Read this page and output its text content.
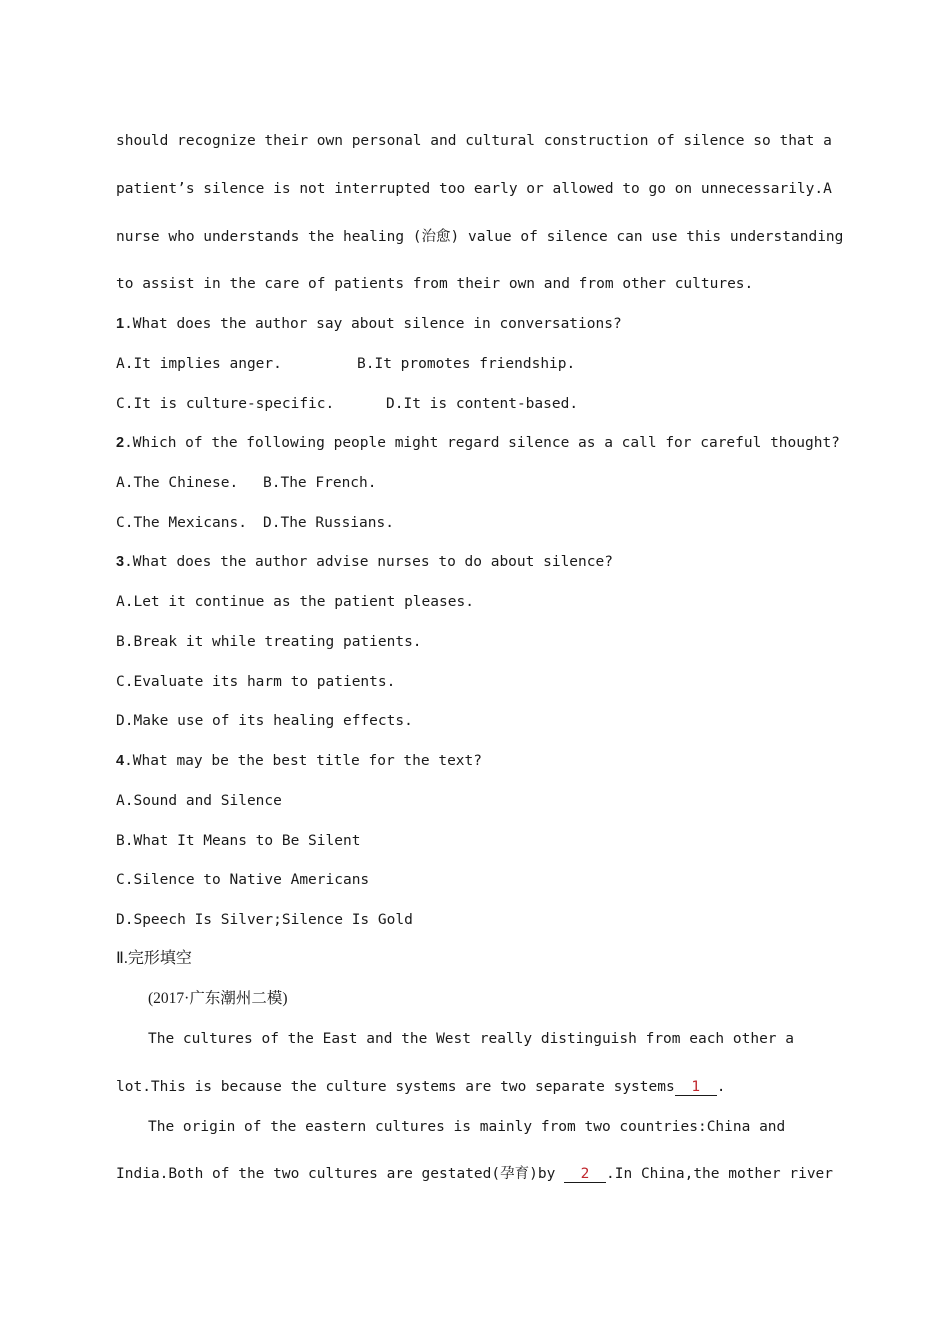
should recognize their own personal and cultural construction of silence so that a
patient’s silence is not interrupted too early or allowed to go on unnecessarily.A
nurse who understands the healing (治愈) value of silence can use this understanding
to assist in the care of patients from their own and from other cultures.
1.What does the author say about silence in conversations?
A.It implies anger.	B.It promotes friendship.
C.It is culture-specific.	D.It is content-based.
2.Which of the following people might regard silence as a call for careful thought?
A.The Chinese. B.The French.
C.The Mexicans. D.The Russians.
3.What does the author advise nurses to do about silence?
A.Let it continue as the patient pleases.
B.Break it while treating patients.
C.Evaluate its harm to patients.
D.Make use of its healing effects.
4.What may be the best title for the text?
A.Sound and Silence
B.What It Means to Be Silent
C.Silence to Native Americans
D.Speech Is Silver;Silence Is Gold
Ⅱ.完形填空
(2017·广东潮州二模)
The cultures of the East and the West really distinguish from each other a
lot.This is because the culture systems are two separate systems 1 .
The origin of the eastern cultures is mainly from two countries:China and
India.Both of the two cultures are gestated(孕育)by 2 .In China,the mother river
